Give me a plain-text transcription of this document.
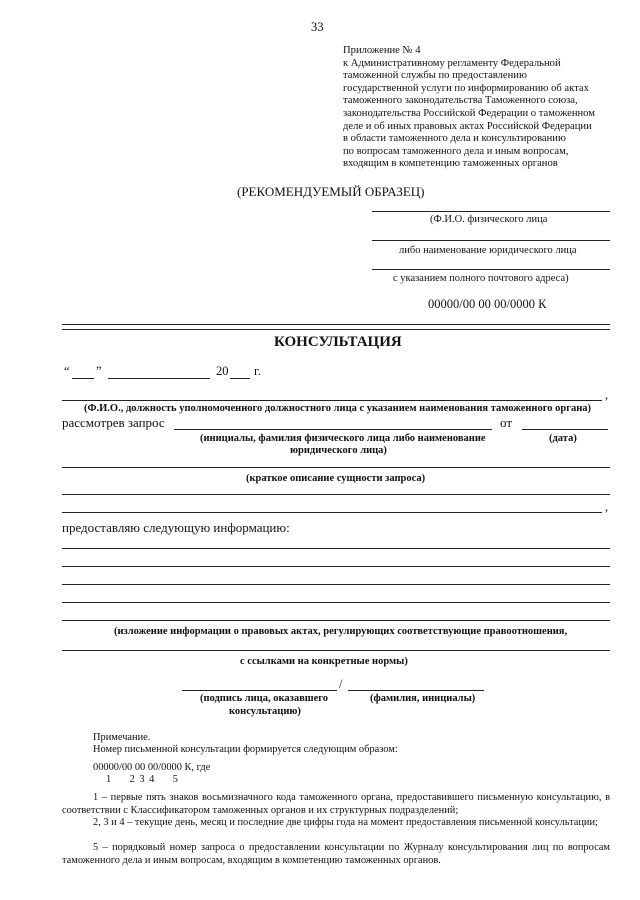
33
Приложение № 4
к Административному регламенту Федеральной
таможенной службы по предоставлению
государственной услуги по информированию об актах
таможенного законодательства Таможенного союза,
законодательства Российской Федерации о таможенном
деле и об иных правовых актах Российской Федерации
в области таможенного дела и консультированию
по вопросам таможенного дела и иным вопросам,
входящим в компетенцию таможенных органов
(РЕКОМЕНДУЕМЫЙ ОБРАЗЕЦ)
(Ф.И.О. физического лица
либо наименование юридического лица
с указанием полного почтового адреса)
00000/00 00 00/0000 К
КОНСУЛЬТАЦИЯ
“ ”	20 г.
,
(Ф.И.О., должность уполномоченного должностного лица с указанием наименования таможенного органа)
рассмотрев запрос	от
(инициалы, фамилия физического лица либо наименование	(дата)
юридического лица)
(краткое описание сущности запроса)
,
предоставляю следующую информацию:
(изложение информации о правовых актах, регулирующих соответствующие правоотношения,
с ссылками на конкретные нормы)
/
(подпись лица, оказавшего	(фамилия, инициалы)
консультацию)
Примечание.
Номер письменной консультации формируется следующим образом:
00000/00 00 00/0000 К, где
1    2 3 4    5
1 – первые пять знаков восьмизначного кода таможенного органа, предоставившего письменную консультацию, в соответствии с Классификатором таможенных органов и их структурных подразделений;
2, 3 и 4 – текущие день, месяц и последние две цифры года на момент предоставления письменной консультации;
5 – порядковый номер запроса о предоставлении консультации по Журналу консультирования лиц по вопросам таможенного дела и иным вопросам, входящим в компетенцию таможенных органов.
